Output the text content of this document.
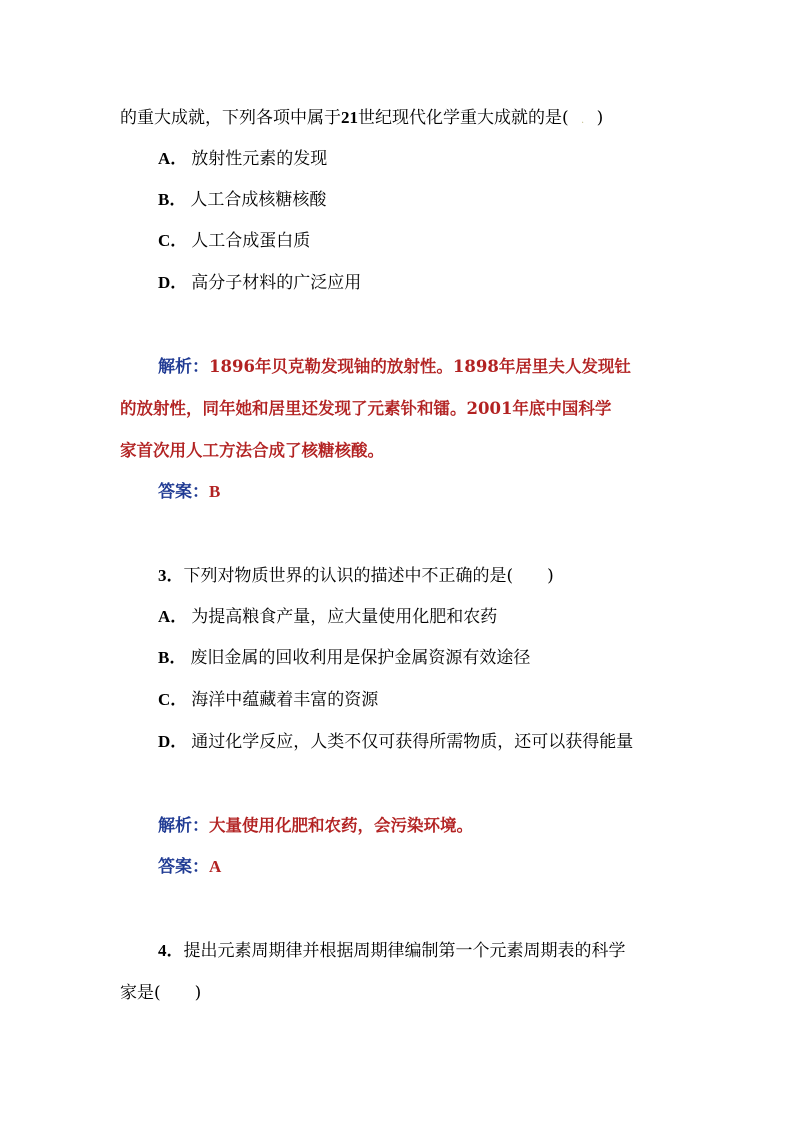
的重大成就，下列各项中属于21世纪现代化学重大成就的是( . )
A． 放射性元素的发现
B． 人工合成核糖核酸
C． 人工合成蛋白质
D． 高分子材料的广泛应用
解析：1896年贝克勒发现铀的放射性。1898年居里夫人发现钍
的放射性，同年她和居里还发现了元素钋和镭。2001年底中国科学
家首次用人工方法合成了核糖核酸。
答案：B
3．下列对物质世界的认识的描述中不正确的是(　　)
A． 为提高粮食产量，应大量使用化肥和农药
B． 废旧金属的回收利用是保护金属资源有效途径
C． 海洋中蕴藏着丰富的资源
D． 通过化学反应，人类不仅可获得所需物质，还可以获得能量
解析：大量使用化肥和农药，会污染环境。
答案：A
4．提出元素周期律并根据周期律编制第一个元素周期表的科学
家是(　　)
